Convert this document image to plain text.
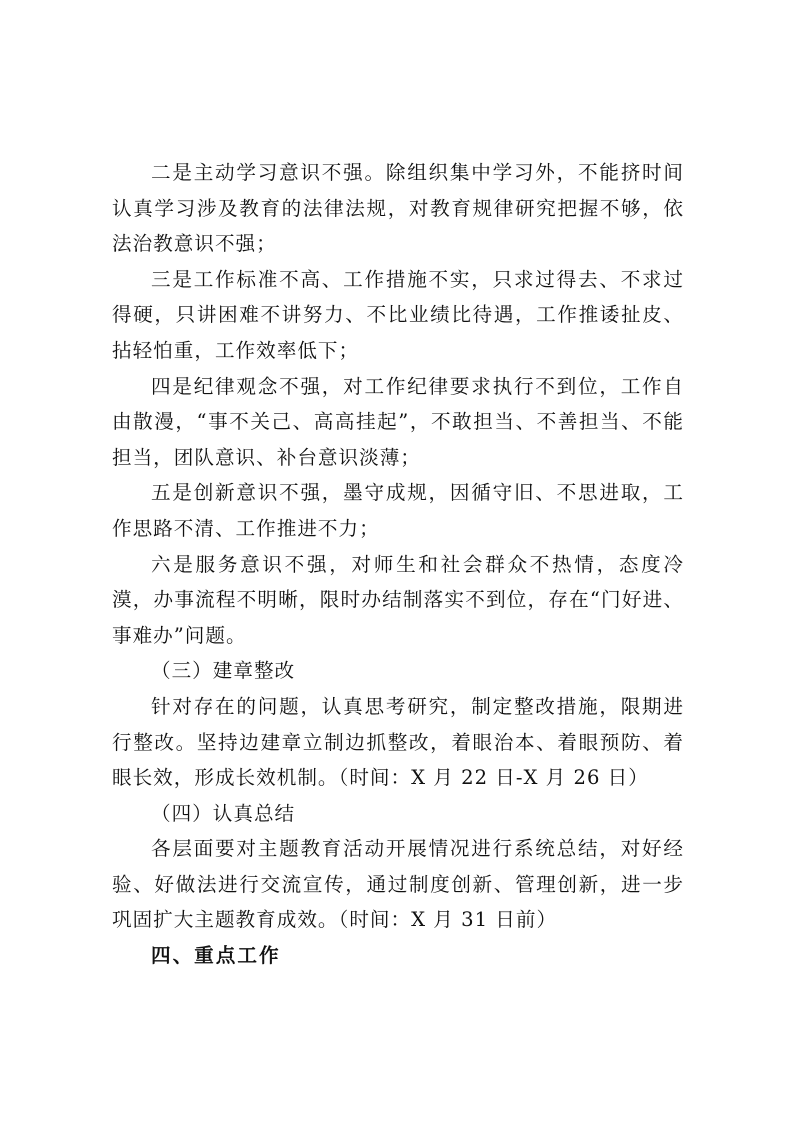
二是主动学习意识不强。除组织集中学习外，不能挤时间认真学习涉及教育的法律法规，对教育规律研究把握不够，依法治教意识不强；

三是工作标准不高、工作措施不实，只求过得去、不求过得硬，只讲困难不讲努力、不比业绩比待遇，工作推诿扯皮、拈轻怕重，工作效率低下；

四是纪律观念不强，对工作纪律要求执行不到位，工作自由散漫，“事不关己、高高挂起”，不敢担当、不善担当、不能担当，团队意识、补台意识淡薄；

五是创新意识不强，墨守成规，因循守旧、不思进取，工作思路不清、工作推进不力；

六是服务意识不强，对师生和社会群众不热情，态度冷漠，办事流程不明晰，限时办结制落实不到位，存在“门好进、事难办”问题。

（三）建章整改

针对存在的问题，认真思考研究，制定整改措施，限期进行整改。坚持边建章立制边抓整改，着眼治本、着眼预防、着眼长效，形成长效机制。（时间：X 月 22 日-X 月 26 日）

（四）认真总结

各层面要对主题教育活动开展情况进行系统总结，对好经验、好做法进行交流宣传，通过制度创新、管理创新，进一步巩固扩大主题教育成效。（时间：X 月 31 日前）

四、重点工作
